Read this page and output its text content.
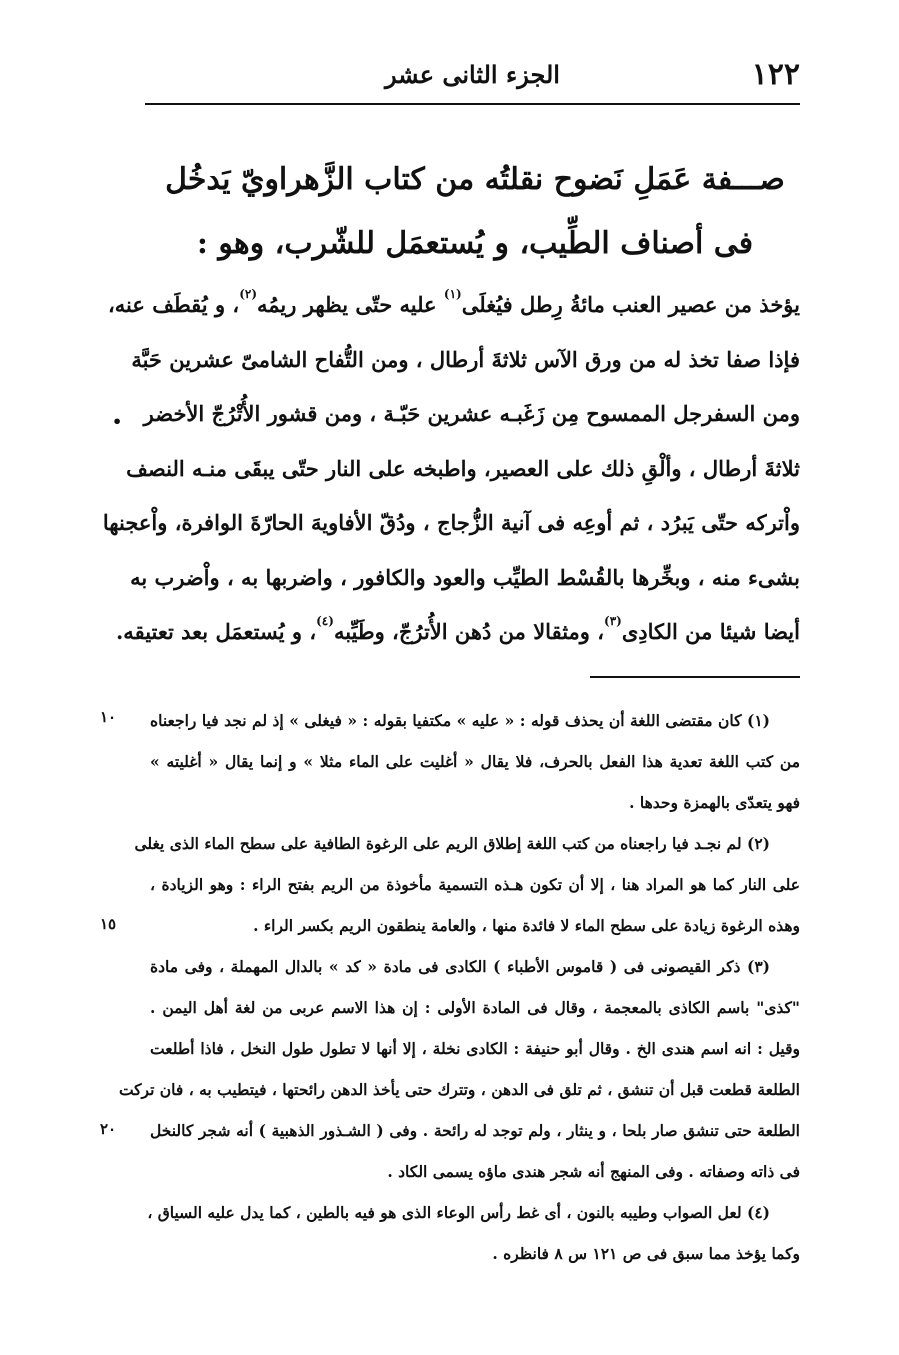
١٢٢
الجزء الثانى عشر
صـــفة عَمَلِ نَضوح نقلتُه من كتاب الزَّهراويّ يَدخُل
فى أصناف الطِّيب، و يُستعمَل للشّرب، وهو :
يؤخذ من عصير العنب مائةُ رِطل فيُغلَى$^{(١)}$ عليه حتّى يظهر ريمُه$^{(٢)}$، و يُقطَف عنه،
فإذا صفا تخذ له من ورق الآس ثلاثةَ أرطال ، ومن التُّفاح الشامىّ عشرين حَبَّة
ومن السفرجل الممسوح مِن زَغَبـه عشرين حَبّـة ، ومن قشور الأُتْرُجّ الأخضر
ثلاثةَ أرطال ، وألْقِ ذلك على العصير، واطبخه على النار حتّى يبقَى منـه النصف
واْتركه حتّى يَبرُد ، ثم أوعِه فى آنية الزُّجاج ، ودُقّ الأفاويهَ الحارّةَ الوافرة، واْعجنها
بشىء منه ، وبخِّرها بالقُسْط الطيِّب والعود والكافور ، واضربها به ، واْضرب به
أيضا شيئا من الكادِى$^{(٣)}$، ومثقالا من دُهن الأُترُجّ، وطَيِّبه$^{(٤)}$، و يُستعمَل بعد تعتيقه.
•
(١) كان مقتضى اللغة أن يحذف قوله : « عليه » مكتفيا بقوله : « فيغلى » إذ لم نجد فيا راجعناه
من كتب اللغة تعدية هذا الفعل بالحرف، فلا يقال « أغليت على الماء مثلا » و إنما يقال « أغليته »
فهو يتعدّى بالهمزة وحدها .
(٢) لم نجـد فيا راجعناه من كتب اللغة إطلاق الريم على الرغوة الطافية على سطح الماء الذى يغلى
على النار كما هو المراد هنا ، إلا أن تكون هـذه التسمية مأخوذة من الريم بفتح الراء : وهو الزيادة ،
وهذه الرغوة زيادة على سطح الماء لا فائدة منها ، والعامة ينطقون الريم بكسر الراء .
(٣) ذكر القيصونى فى ( قاموس الأطباء ) الكادى فى مادة « كد » بالدال المهملة ، وفى مادة
"كذى" باسم الكاذى بالمعجمة ، وقال فى المادة الأولى : إن هذا الاسم عربى من لغة أهل اليمن .
وقيل : انه اسم هندى الخ . وقال أبو حنيفة : الكادى نخلة ، إلا أنها لا تطول طول النخل ، فاذا أطلعت
الطلعة قطعت قبل أن تنشق ، ثم تلق فى الدهن ، وتترك حتى يأخذ الدهن رائحتها ، فيتطيب به ، فان تركت
الطلعة حتى تنشق صار بلحا ، و ينثار ، ولم توجد له رائحة . وفى ( الشـذور الذهبية ) أنه شجر كالنخل
فى ذاته وصفاته . وفى المنهج أنه شجر هندى ماؤه يسمى الكاد .
(٤) لعل الصواب وطيبه بالنون ، أى غط رأس الوعاء الذى هو فيه بالطين ، كما يدل عليه السياق ،
وكما يؤخذ مما سبق فى ص ١٢١ س ٨ فانظره .
١٠
١٥
٢٠
